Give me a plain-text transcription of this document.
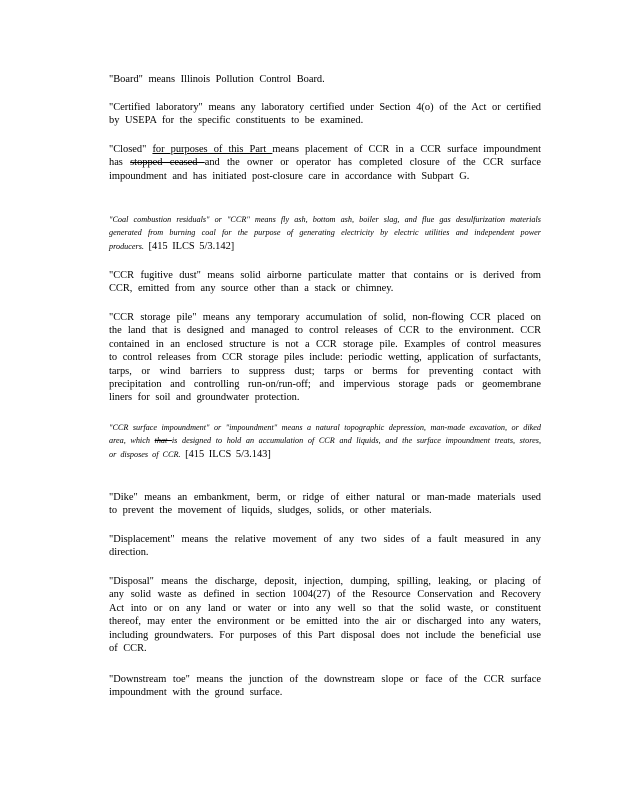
"Board" means Illinois Pollution Control Board.

"Certified laboratory" means any laboratory certified under Section 4(o) of the Act or certified by USEPA for the specific constituents to be examined.

"Closed" for purposes of this Part means placement of CCR in a CCR surface impoundment has stopped ceased and the owner or operator has completed closure of the CCR surface impoundment and has initiated post-closure care in accordance with Subpart G.

"Coal combustion residuals" or "CCR" means fly ash, bottom ash, boiler slag, and flue gas desulfurization materials generated from burning coal for the purpose of generating electricity by electric utilities and independent power producers. [415 ILCS 5/3.142]

"CCR fugitive dust" means solid airborne particulate matter that contains or is derived from CCR, emitted from any source other than a stack or chimney.

"CCR storage pile" means any temporary accumulation of solid, non-flowing CCR placed on the land that is designed and managed to control releases of CCR to the environment. CCR contained in an enclosed structure is not a CCR storage pile. Examples of control measures to control releases from CCR storage piles include: periodic wetting, application of surfactants, tarps, or wind barriers to suppress dust; tarps or berms for preventing contact with precipitation and controlling run-on/run-off; and impervious storage pads or geomembrane liners for soil and groundwater protection.

"CCR surface impoundment" or "impoundment" means a natural topographic depression, man-made excavation, or diked area, which that is designed to hold an accumulation of CCR and liquids, and the surface impoundment treats, stores, or disposes of CCR. [415 ILCS 5/3.143]

"Dike" means an embankment, berm, or ridge of either natural or man-made materials used to prevent the movement of liquids, sludges, solids, or other materials.

"Displacement" means the relative movement of any two sides of a fault measured in any direction.

"Disposal" means the discharge, deposit, injection, dumping, spilling, leaking, or placing of any solid waste as defined in section 1004(27) of the Resource Conservation and Recovery Act into or on any land or water or into any well so that the solid waste, or constituent thereof, may enter the environment or be emitted into the air or discharged into any waters, including groundwaters. For purposes of this Part disposal does not include the beneficial use of CCR.

"Downstream toe" means the junction of the downstream slope or face of the CCR surface impoundment with the ground surface.
